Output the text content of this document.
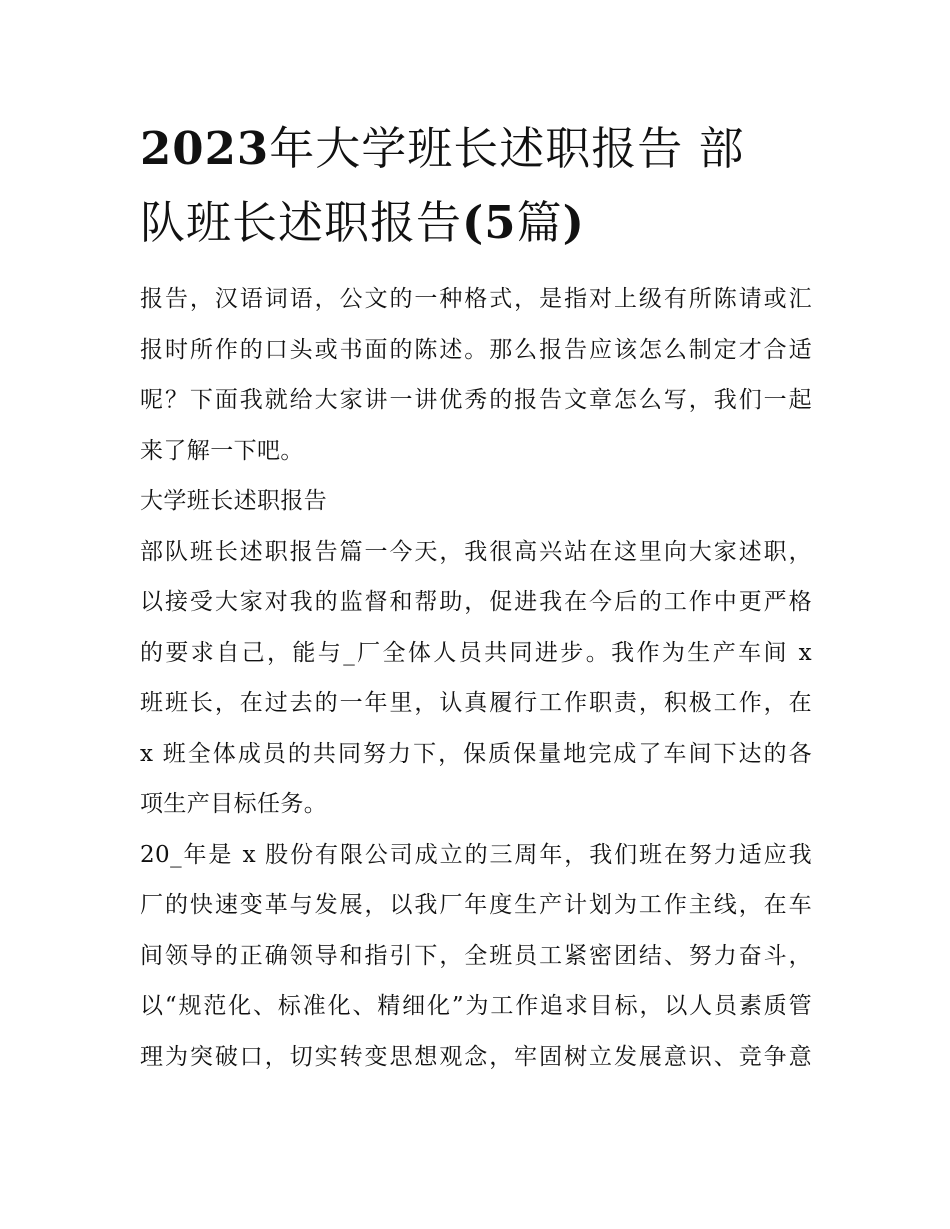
2023年大学班长述职报告 部
队班长述职报告(5篇)

报告，汉语词语，公文的一种格式，是指对上级有所陈请或汇
报时所作的口头或书面的陈述。那么报告应该怎么制定才合适
呢？下面我就给大家讲一讲优秀的报告文章怎么写，我们一起
来了解一下吧。

大学班长述职报告

部队班长述职报告篇一今天，我很高兴站在这里向大家述职，
以接受大家对我的监督和帮助，促进我在今后的工作中更严格
的要求自己，能与_厂全体人员共同进步。我作为生产车间 x
班班长，在过去的一年里，认真履行工作职责，积极工作，在
x 班全体成员的共同努力下，保质保量地完成了车间下达的各
项生产目标任务。

20_年是 x 股份有限公司成立的三周年，我们班在努力适应我
厂的快速变革与发展，以我厂年度生产计划为工作主线，在车
间领导的正确领导和指引下，全班员工紧密团结、努力奋斗，
以“规范化、标准化、精细化”为工作追求目标，以人员素质管
理为突破口，切实转变思想观念，牢固树立发展意识、竞争意
